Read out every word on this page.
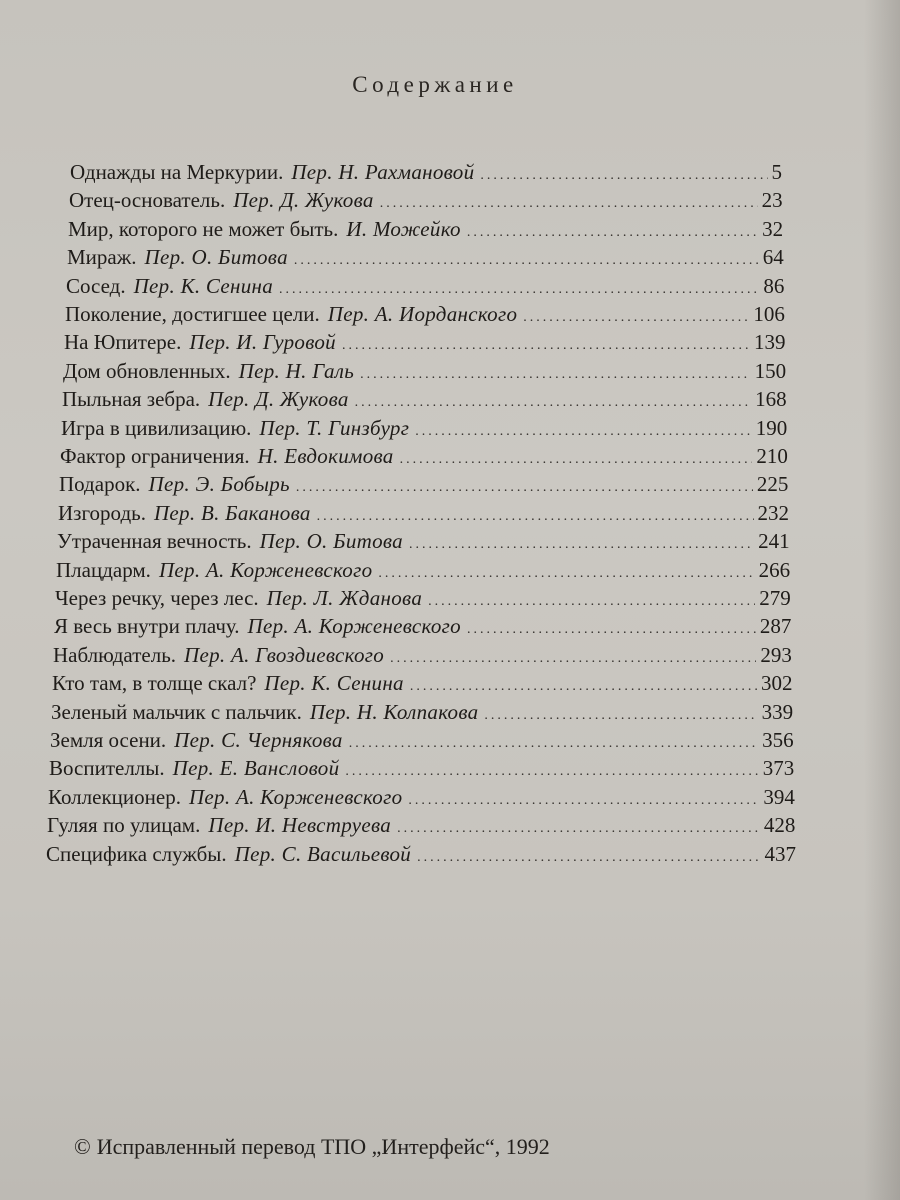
Содержание
Однажды на Меркурии. Пер. Н. Рахмановой .....	5
Отец-основатель. Пер. Д. Жукова .....	23
Мир, которого не может быть. И. Можейко .....	32
Мираж. Пер. О. Битова .....	64
Сосед. Пер. К. Сенина .....	86
Поколение, достигшее цели. Пер. А. Иорданского .....	106
На Юпитере. Пер. И. Гуровой .....	139
Дом обновленных. Пер. Н. Галь .....	150
Пыльная зебра. Пер. Д. Жукова .....	168
Игра в цивилизацию. Пер. Т. Гинзбург .....	190
Фактор ограничения. Н. Евдокимова .....	210
Подарок. Пер. Э. Бобырь .....	225
Изгородь. Пер. В. Баканова .....	232
Утраченная вечность. Пер. О. Битова .....	241
Плацдарм. Пер. А. Корженевского .....	266
Через речку, через лес. Пер. Л. Жданова .....	279
Я весь внутри плачу. Пер. А. Корженевского .....	287
Наблюдатель. Пер. А. Гвоздиевского .....	293
Кто там, в толще скал? Пер. К. Сенина .....	302
Зеленый мальчик с пальчик. Пер. Н. Колпакова .....	339
Земля осени. Пер. С. Чернякова .....	356
Воспителлы. Пер. Е. Вансловой .....	373
Коллекционер. Пер. А. Корженевского .....	394
Гуляя по улицам. Пер. И. Невструева .....	428
Специфика службы. Пер. С. Васильевой .....	437
© Исправленный перевод ТПО „Интерфейс“, 1992
